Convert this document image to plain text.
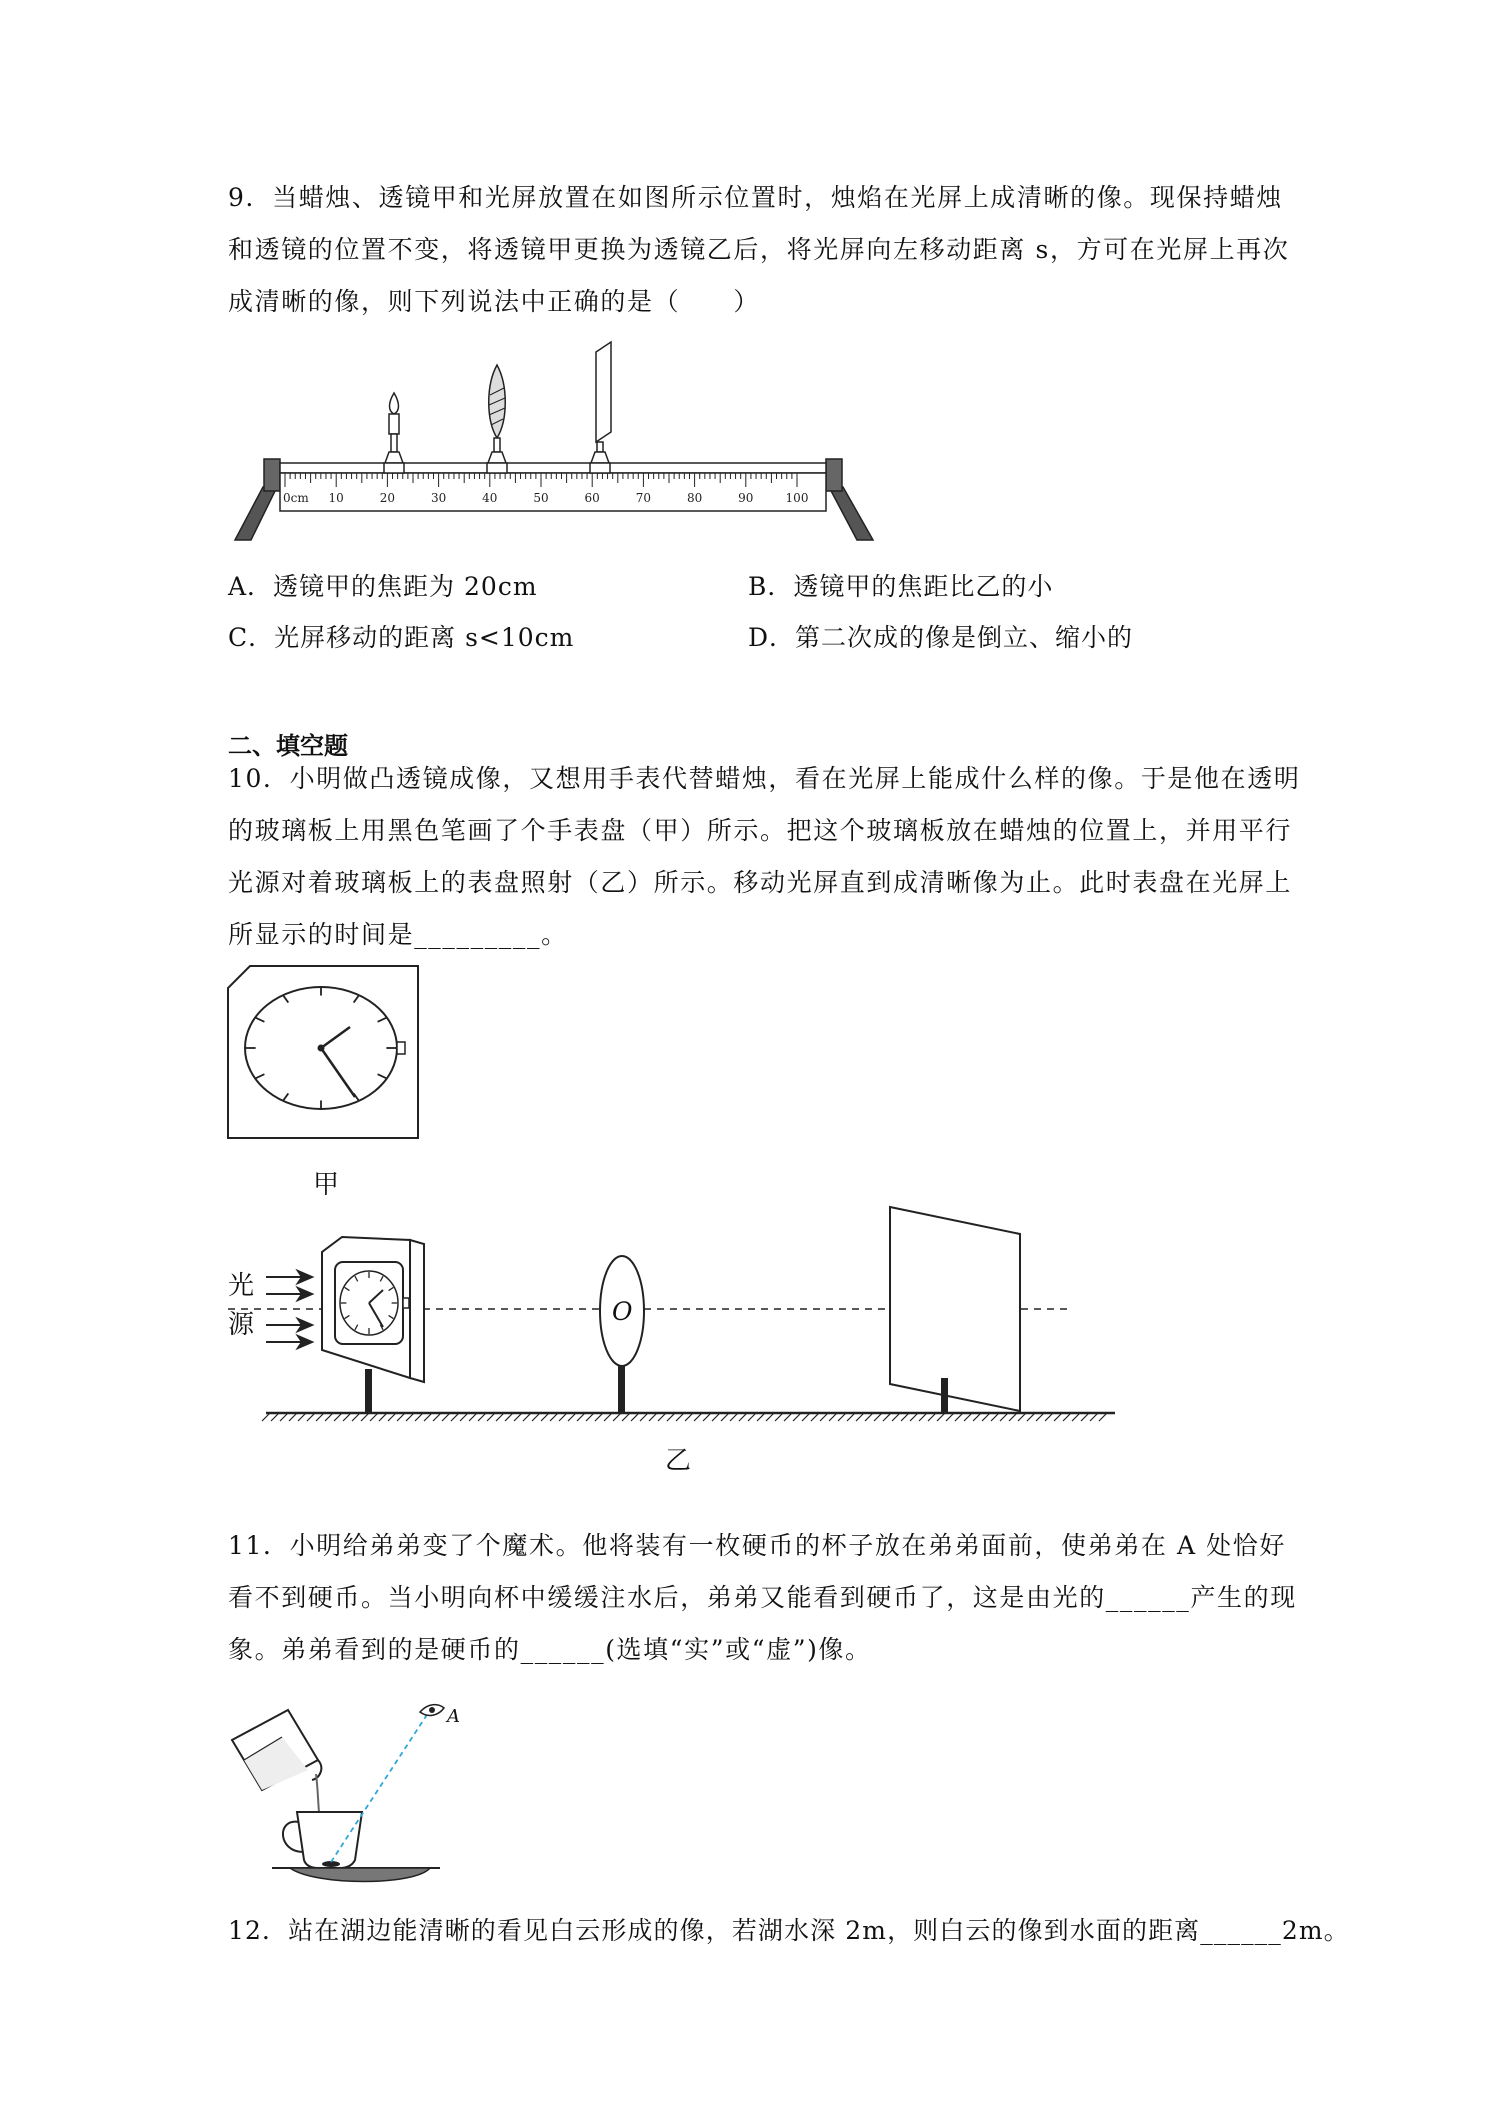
9．当蜡烛、透镜甲和光屏放置在如图所示位置时，烛焰在光屏上成清晰的像。现保持蜡烛
和透镜的位置不变，将透镜甲更换为透镜乙后，将光屏向左移动距离 s，方可在光屏上再次
成清晰的像，则下列说法中正确的是（　　）
0cm 10	20	30	40	50	60	70	80	90	100
A．透镜甲的焦距为 20cm	B．透镜甲的焦距比乙的小
C．光屏移动的距离 s<10cm	D．第二次成的像是倒立、缩小的
二、填空题
10．小明做凸透镜成像，又想用手表代替蜡烛，看在光屏上能成什么样的像。于是他在透明
的玻璃板上用黑色笔画了个手表盘（甲）所示。把这个玻璃板放在蜡烛的位置上，并用平行
光源对着玻璃板上的表盘照射（乙）所示。移动光屏直到成清晰像为止。此时表盘在光屏上
所显示的时间是_________。
甲
光
源	O
乙
11．小明给弟弟变了个魔术。他将装有一枚硬币的杯子放在弟弟面前，使弟弟在 A 处恰好
看不到硬币。当小明向杯中缓缓注水后，弟弟又能看到硬币了，这是由光的______产生的现
象。弟弟看到的是硬币的______(选填“实”或“虚”)像。
A
12．站在湖边能清晰的看见白云形成的像，若湖水深 2m，则白云的像到水面的距离______2m。
